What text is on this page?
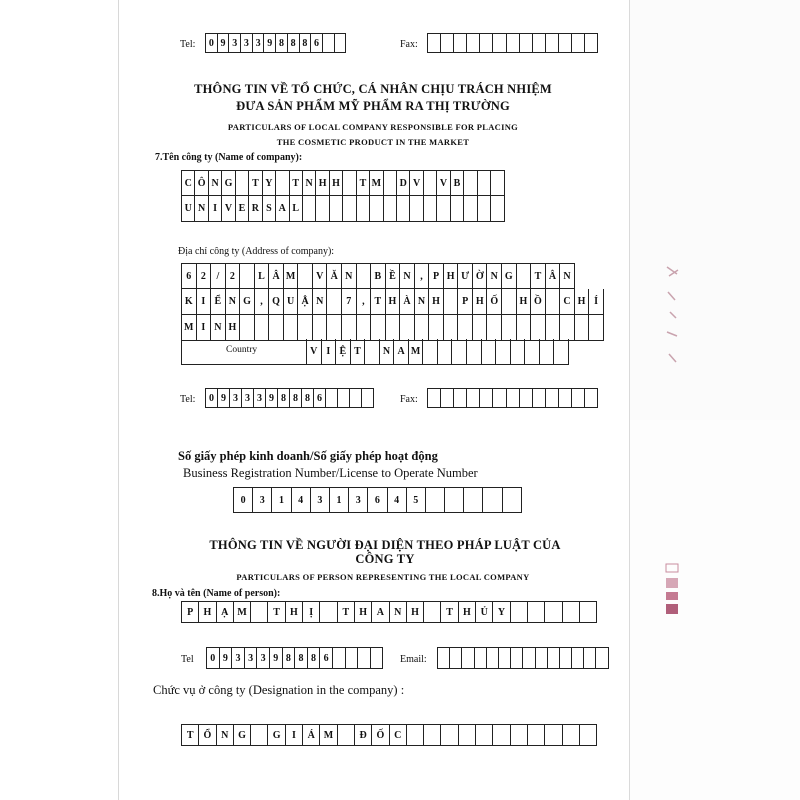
Tel: 0 9 3 3 3 9 8 8 8 6	Fax:
THÔNG TIN VỀ TỔ CHỨC, CÁ NHÂN CHỊU TRÁCH NHIỆM
ĐƯA SẢN PHẨM MỸ PHẨM RA THỊ TRƯỜNG
PARTICULARS OF LOCAL COMPANY RESPONSIBLE FOR PLACING
THE COSMETIC PRODUCT IN THE MARKET
7.Tên công ty (Name of company):
C Ô N G	T Y	T N H H	T M D V	V B
U N I V E R S A L
Địa chỉ công ty (Address of company):
6 2	/	2	L Â M	V Ă N	B Ề N ,	P H Ư Ờ N G	T Â N
K I Ể N G , Q U Ậ N	7	, T H À N H	P H Ố	H Ồ	C H Í
M I N H
Country	V I Ệ T	N A M
Tel:	0 9 3 3 3 9 8 8 8 6	Fax:
Số giấy phép kinh doanh/Số giấy phép hoạt động
Business Registration Number/License to Operate Number
0	3	1	4	3	1	3	6	4	5
THÔNG TIN VỀ NGƯỜI ĐẠI DIỆN THEO PHÁP LUẬT CỦA
CÔNG TY
PARTICULARS OF PERSON REPRESENTING THE LOCAL COMPANY
8.Họ và tên (Name of person):
P	H Ạ M	T	H	Ị	T	H A	N H	T	H Ủ	Y
Tel	0 9 3 3 3 9 8 8 8 6	Email:
Chức vụ ở công ty (Designation in the company) :
T	Ổ N G	G	I	Á M	Đ Ố C
